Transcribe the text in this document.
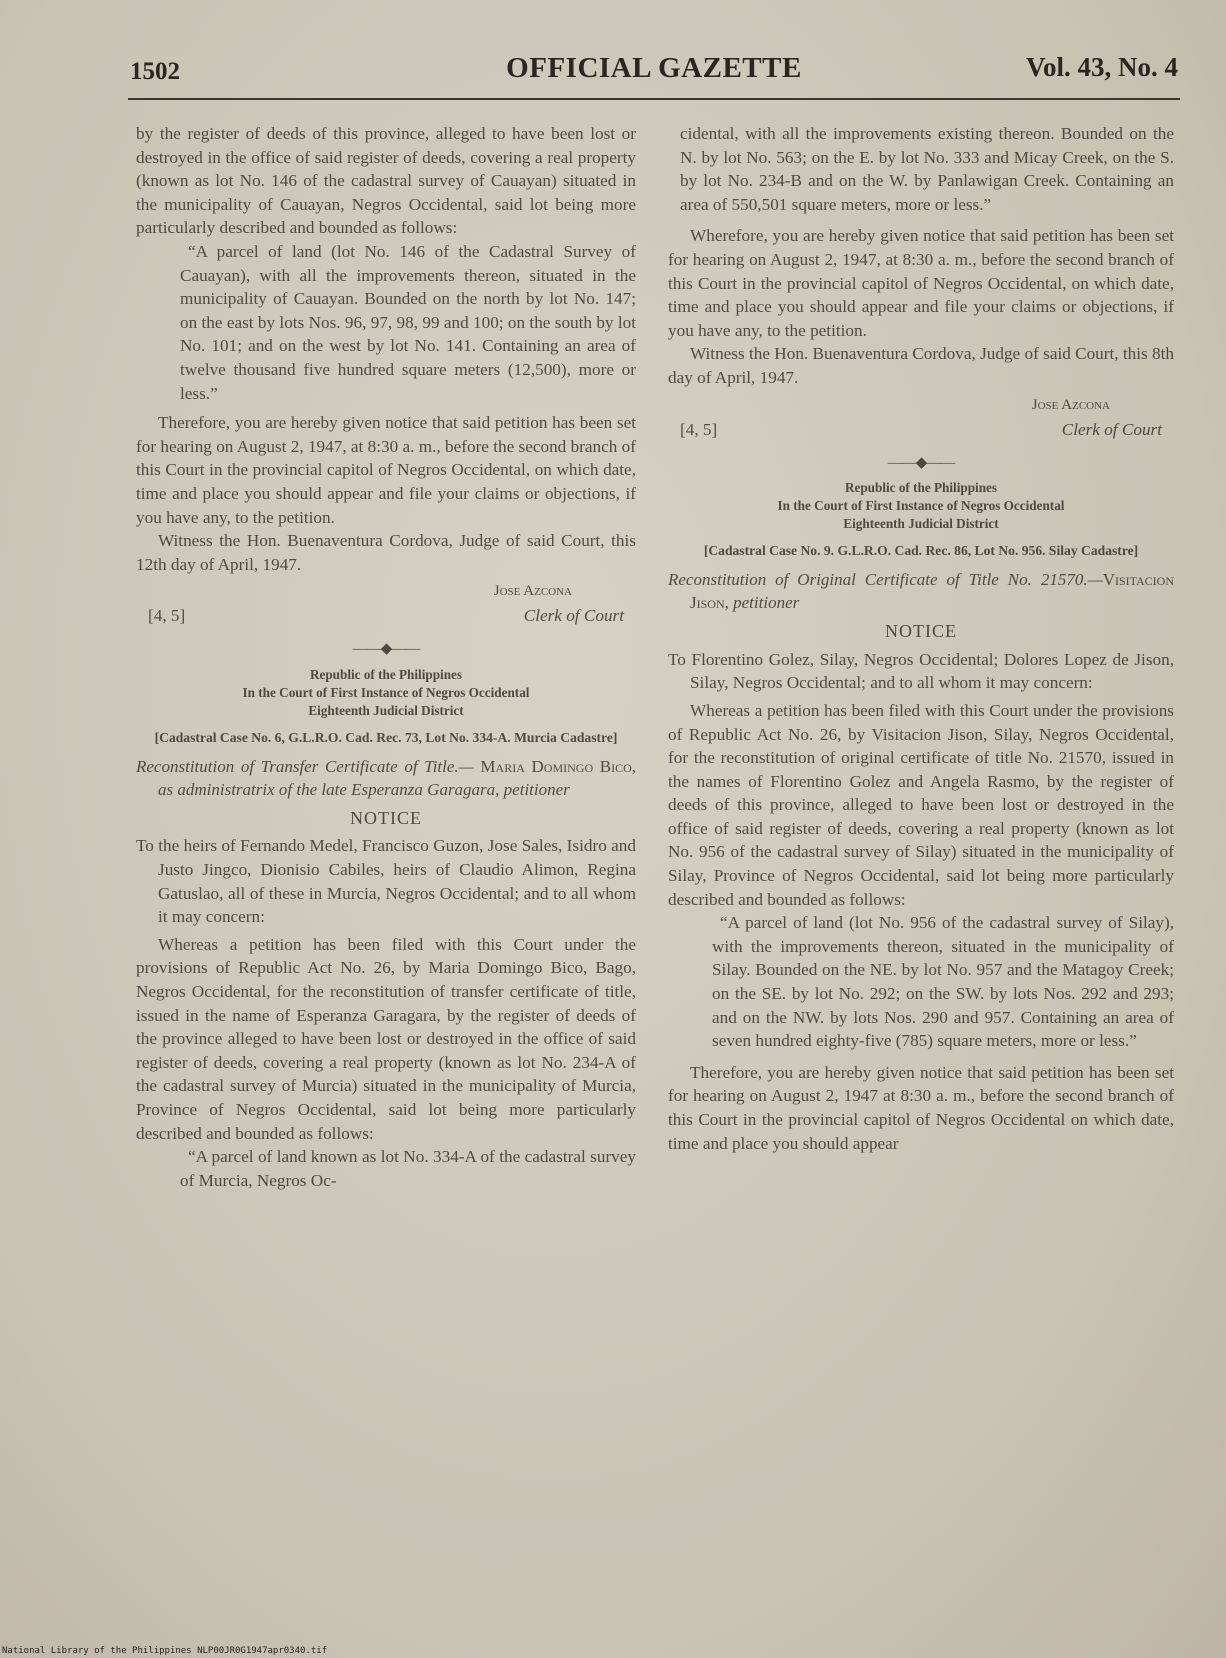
1502	OFFICIAL GAZETTE	Vol. 43, No. 4

by the register of deeds of this province, alleged to have been lost or destroyed in the office of said register of deeds, covering a real property (known as lot No. 146 of the cadastral survey of Cauayan) situated in the municipality of Cauayan, Negros Occidental, said lot being more particularly described and bounded as follows:

“A parcel of land (lot No. 146 of the Cadastral Survey of Cauayan), with all the improvements thereon, situated in the municipality of Cauayan. Bounded on the north by lot No. 147; on the east by lots Nos. 96, 97, 98, 99 and 100; on the south by lot No. 101; and on the west by lot No. 141. Containing an area of twelve thousand five hundred square meters (12,500), more or less.”

Therefore, you are hereby given notice that said petition has been set for hearing on August 2, 1947, at 8:30 a. m., before the second branch of this Court in the provincial capitol of Negros Occidental, on which date, time and place you should appear and file your claims or objections, if you have any, to the petition.

Witness the Hon. Buenaventura Cordova, Judge of said Court, this 12th day of April, 1947.

Jose Azcona
[4, 5]	Clerk of Court
——◆——
Republic of the Philippines
In the Court of First Instance of Negros Occidental
Eighteenth Judicial District
[Cadastral Case No. 6, G.L.R.O. Cad. Rec. 73, Lot No. 334-A. Murcia Cadastre]
Reconstitution of Transfer Certificate of Title.— Maria Domingo Bico, as administratrix of the late Esperanza Garagara, petitioner
NOTICE

To the heirs of Fernando Medel, Francisco Guzon, Jose Sales, Isidro and Justo Jingco, Dionisio Cabiles, heirs of Claudio Alimon, Regina Gatuslao, all of these in Murcia, Negros Occidental; and to all whom it may concern:

Whereas a petition has been filed with this Court under the provisions of Republic Act No. 26, by Maria Domingo Bico, Bago, Negros Occidental, for the reconstitution of transfer certificate of title, issued in the name of Esperanza Garagara, by the register of deeds of the province alleged to have been lost or destroyed in the office of said register of deeds, covering a real property (known as lot No. 234-A of the cadastral survey of Murcia) situated in the municipality of Murcia, Province of Negros Occidental, said lot being more particularly described and bounded as follows:

“A parcel of land known as lot No. 334-A of the cadastral survey of Murcia, Negros Oc-

cidental, with all the improvements existing thereon. Bounded on the N. by lot No. 563; on the E. by lot No. 333 and Micay Creek, on the S. by lot No. 234-B and on the W. by Panlawigan Creek. Containing an area of 550,501 square meters, more or less.”

Wherefore, you are hereby given notice that said petition has been set for hearing on August 2, 1947, at 8:30 a. m., before the second branch of this Court in the provincial capitol of Negros Occidental, on which date, time and place you should appear and file your claims or objections, if you have any, to the petition.

Witness the Hon. Buenaventura Cordova, Judge of said Court, this 8th day of April, 1947.

Jose Azcona
[4, 5]	Clerk of Court
——◆——
Republic of the Philippines
In the Court of First Instance of Negros Occidental
Eighteenth Judicial District
[Cadastral Case No. 9. G.L.R.O. Cad. Rec. 86, Lot No. 956. Silay Cadastre]
Reconstitution of Original Certificate of Title No. 21570.—Visitacion Jison, petitioner
NOTICE

To Florentino Golez, Silay, Negros Occidental; Dolores Lopez de Jison, Silay, Negros Occidental; and to all whom it may concern:

Whereas a petition has been filed with this Court under the provisions of Republic Act No. 26, by Visitacion Jison, Silay, Negros Occidental, for the reconstitution of original certificate of title No. 21570, issued in the names of Florentino Golez and Angela Rasmo, by the register of deeds of this province, alleged to have been lost or destroyed in the office of said register of deeds, covering a real property (known as lot No. 956 of the cadastral survey of Silay) situated in the municipality of Silay, Province of Negros Occidental, said lot being more particularly described and bounded as follows:

“A parcel of land (lot No. 956 of the cadastral survey of Silay), with the improvements thereon, situated in the municipality of Silay. Bounded on the NE. by lot No. 957 and the Matagoy Creek; on the SE. by lot No. 292; on the SW. by lots Nos. 292 and 293; and on the NW. by lots Nos. 290 and 957. Containing an area of seven hundred eighty-five (785) square meters, more or less.”

Therefore, you are hereby given notice that said petition has been set for hearing on August 2, 1947 at 8:30 a. m., before the second branch of this Court in the provincial capitol of Negros Occidental on which date, time and place you should appear

National Library of the Philippines NLP00JR0G1947apr0340.tif
